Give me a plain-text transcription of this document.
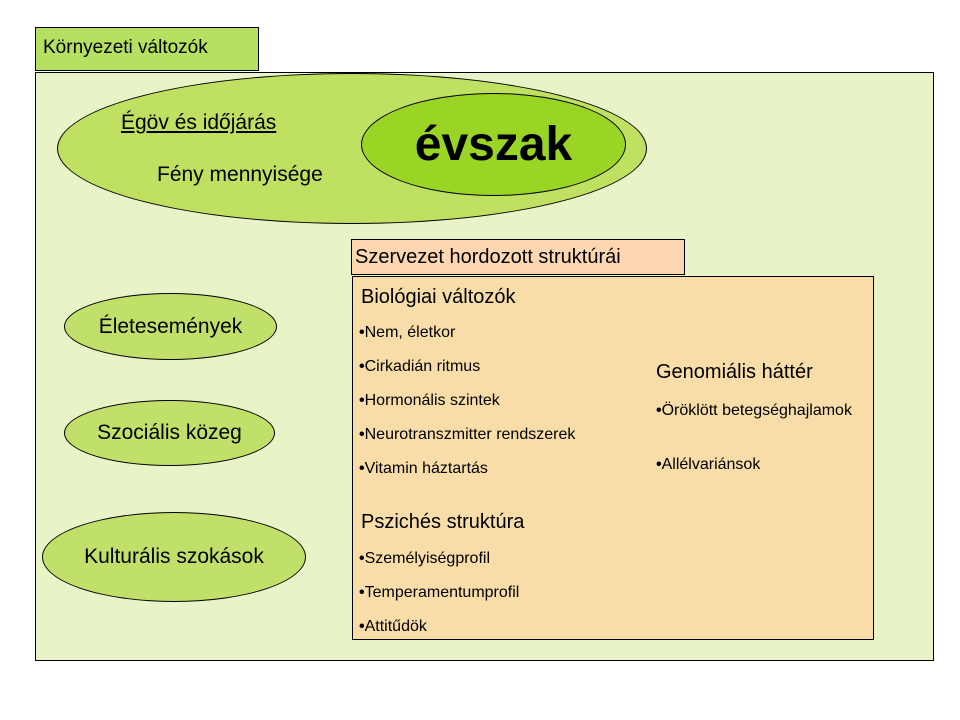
Környezeti változók
Égöv és időjárás
Fény mennyisége
évszak
Életesemények
Szociális közeg
Kulturális szokások
Szervezet hordozott struktúrái
Biológiai változók
•Nem, életkor
•Cirkadián ritmus
•Hormonális szintek
•Neurotranszmitter rendszerek
•Vitamin háztartás
Genomiális háttér
•Öröklött betegséghajlamok
•Allélvariánsok
Pszichés struktúra
•Személyiségprofil
•Temperamentumprofil
•Attitűdök
